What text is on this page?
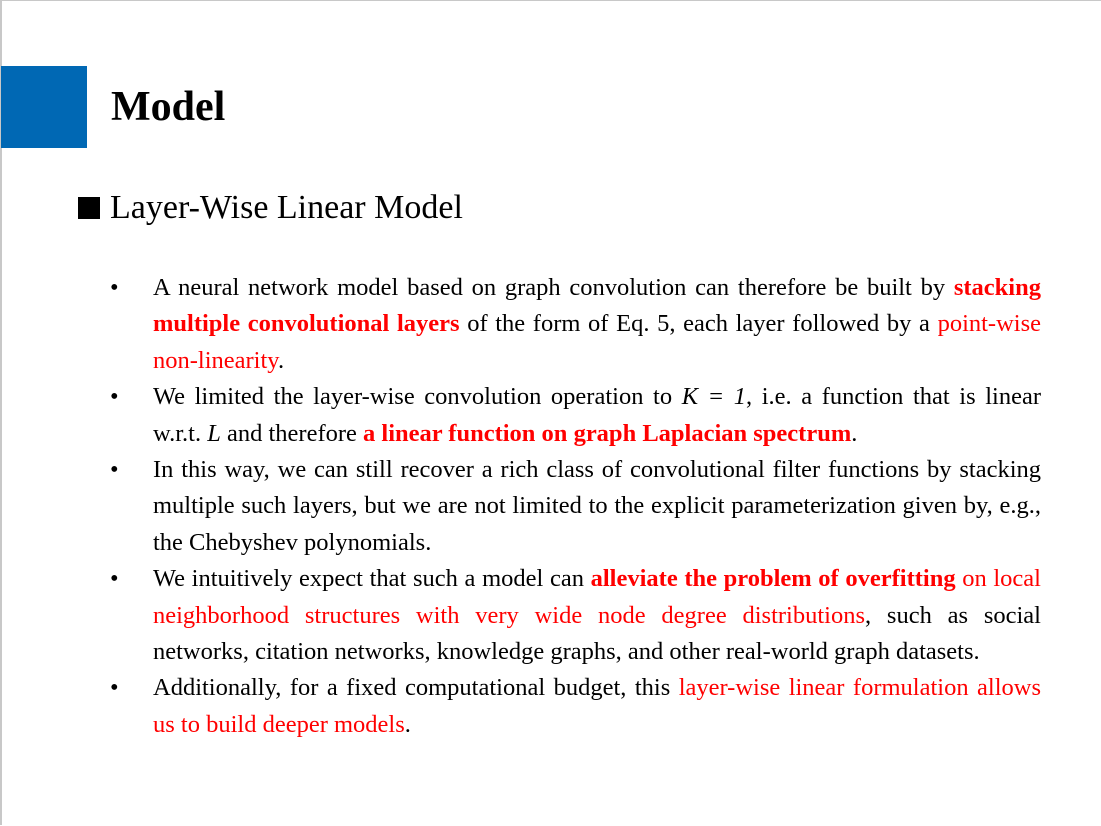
Model
Layer-Wise Linear Model
• A neural network model based on graph convolution can therefore be built by stacking multiple convolutional layers of the form of Eq. 5, each layer followed by a point-wise non-linearity.
• We limited the layer-wise convolution operation to K = 1, i.e. a function that is linear w.r.t. L and therefore a linear function on graph Laplacian spectrum.
• In this way, we can still recover a rich class of convolutional filter functions by stacking multiple such layers, but we are not limited to the explicit parameterization given by, e.g., the Chebyshev polynomials.
• We intuitively expect that such a model can alleviate the problem of overfitting on local neighborhood structures with very wide node degree distributions, such as social networks, citation networks, knowledge graphs, and other real-world graph datasets.
• Additionally, for a fixed computational budget, this layer-wise linear formulation allows us to build deeper models.
